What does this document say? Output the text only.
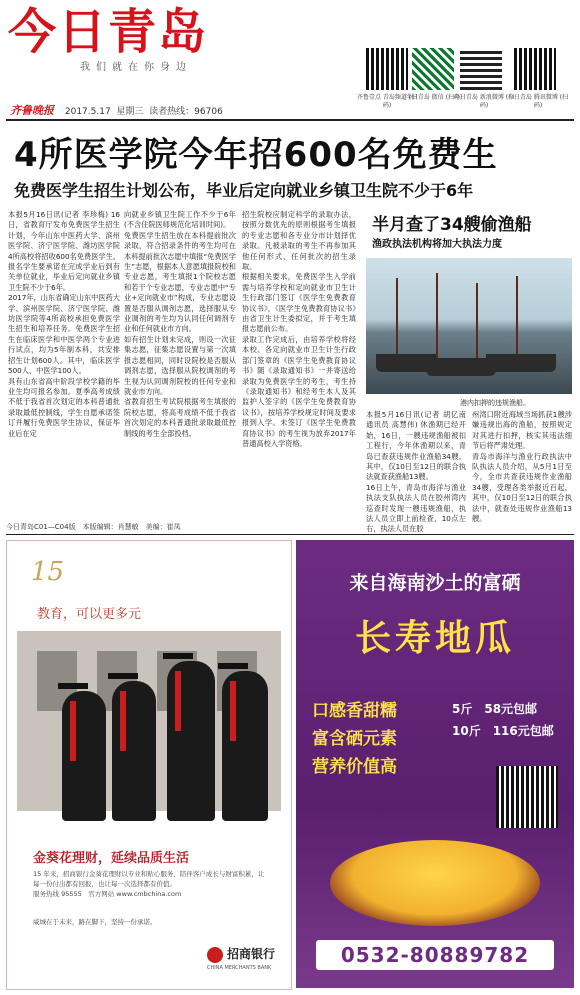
今日青岛
我们就在你身边
齐鲁晚报 2017.5.17 星期三 读者热线：96706
齐鲁壹点 青岛频道 (扫码)
今日青岛 微信 (扫码)
今日青岛 新浪微博 (扫码)
今日青岛 腾讯微博 (扫码)
4所医学院今年招600名免费生
免费医学生招生计划公布，毕业后定向就业乡镇卫生院不少于6年
本报5月16日讯(记者 李珍梅) 16日，省教育厅发布免费医学生招生计划，今年山东中医药大学、滨州医学院、济宁医学院、潍坊医学院4所高校将招收600名免费医学生。报名学生要承诺在完成学业后到有关单位就业，毕业后定向就业乡镇卫生院不少于6年。
2017年，山东省确定山东中医药大学、滨州医学院、济宁医学院、潍坊医学院等4所高校承担免费医学生招生和培养任务。免费医学生招生在临床医学和中医学两个专业进行试点，均为5年制本科，共安排招生计划600人。其中，临床医学500人、中医学100人。
具有山东省高中阶段学校学籍的毕业生均可报名参加。夏季高考成绩不低于我省首次划定的本科普通批录取最低控制线，学生自愿承诺签订并履行免费医学生协议，保证毕业后在定
向就业乡镇卫生院工作不少于6年(不含住院医师规范化培训时间)。
免费医学生招生放在本科提前批次录取，符合招录条件的考生均可在本科提前批次志愿中填报“免费医学生”志愿，根据本人意愿填报院校和专业志愿，考生填报1个院校志愿和若干个专业志愿，专业志愿中“专业+定向就业市”构成，专业志愿设置是否服从调剂志愿，选择服从专业调剂的考生均为认同任何调剂专业和任何就业市方向。
如有招生计划未完成，则设一次征集志愿，征集志愿设置与第一次填报志愿相同，同时设院校是否服从调剂志愿，选择服从院校调剂的考生视为认同调剂院校的任何专业和就业市方向。
省教育招生考试院根据考生填报的院校志愿，将高考成绩不低于我省首次划定的本科普通批录取最低控制线的考生全部投档。
招生院校应制定科学的录取办法，按照分数优先的原则根据考生填报的专业志愿和各专业分市计划择优录取。凡被录取的考生不再参加其他任何形式、任何批次的招生录取。
根据相关要求，免费医学生入学前需与培养学校和定向就业市卫生计生行政部门签订《医学生免费教育协议书》，《医学生免费教育协议书》由省卫生计生委拟定，并于考生填报志愿前公布。
录取工作完成后，由培养学校将经本校、各定向就业市卫生计生行政部门签章的《医学生免费教育协议书》随《录取通知书》一并寄送给录取为免费医学生的考生，考生持《录取通知书》和经考生本人及其监护人签字的《医学生免费教育协议书》，按培养学校规定时间及要求报到入学。未签订《医学生免费教育协议书》的考生视为放弃2017年普通高校入学资格。
半月查了34艘偷渔船
渔政执法机构将加大执法力度
港内扣押的违规渔船。
本报5月16日讯(记者 胡亿南 通讯员 高慧伟) 休渔期已经开始，16日，一艘违规渔船被扣工程行，今年休渔期以来，青岛已查获违规作业渔船34艘。其中，仅10日至12日的联合执法就查获渔船13艘。
16日上午，青岛市海洋与渔业执法支队执法人员在胶州湾内巡查时发现一艘违规渔船，执法人员立即上前检查，10点左右，执法人员在胶
州湾口附近海域当场抓获1艘涉嫌违规出海的渔船，按照规定对其进行扣押，核实其违法细节后将严肃处理。
青岛市海洋与渔业行政执法中队执法人员介绍，从5月1日至今，全市共查获违规作业渔船34艘，受理各类举报近百起，其中，仅10日至12日的联合执法中，就查处违规作业渔船13艘。
今日青岛C01—C04版　本版编辑：肖慧敏　美编：崔凤
15
教育，可以更多元
金葵花理财，延续品质生活
15 年来，招商银行金葵花理财以专业和贴心服务，陪伴客户成长与财富积累，让每一份付出都有回报，也让每一次选择都有价值。
服务热线 95555　官方网站 www.cmbchina.com
威城在于未来，路在脚下，坚持一份承诺。
招商银行
CHINA MERCHANTS BANK
来自海南沙土的富硒
长寿地瓜
口感香甜糯
富含硒元素
营养价值高
5斤　58元包邮
10斤　116元包邮
0532-80889782
